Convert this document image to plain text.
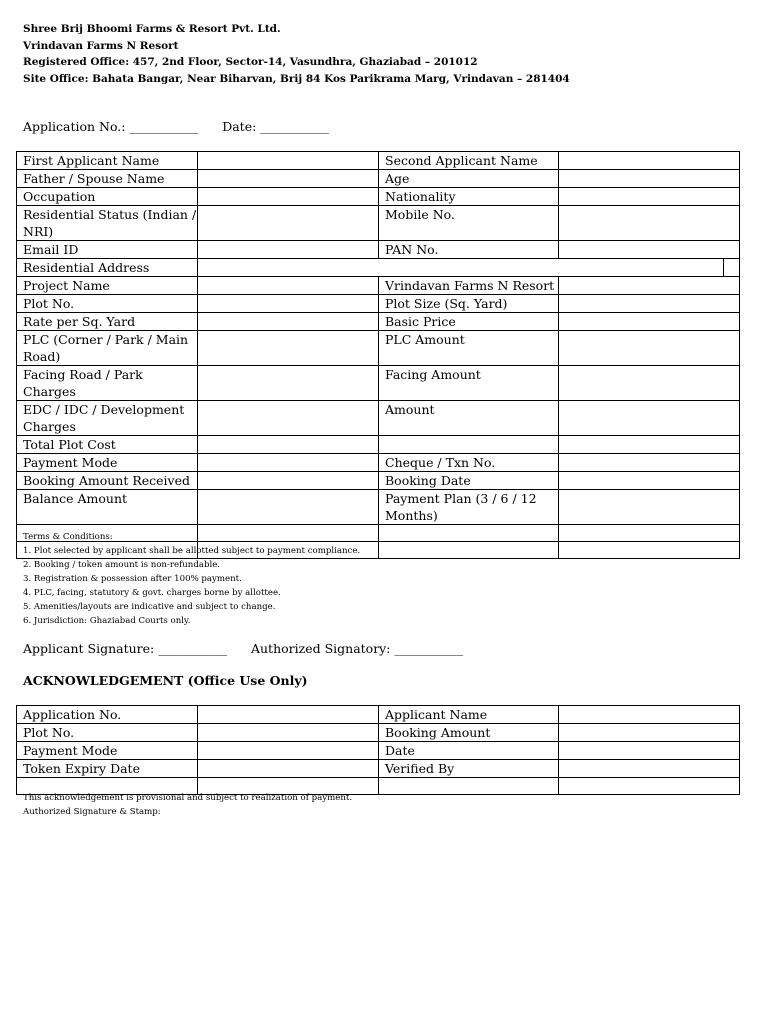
Shree Brij Bhoomi Farms & Resort Pvt. Ltd.
Vrindavan Farms N Resort
Registered Office: 457, 2nd Floor, Sector-14, Vasundhra, Ghaziabad – 201012
Site Office: Bahata Bangar, Near Biharvan, Brij 84 Kos Parikrama Marg, Vrindavan – 281404
Application No.: ___________ Date: ___________
First Applicant Name		Second Applicant Name	
Father / Spouse Name		Age	
Occupation		Nationality	
Residential Status (Indian / NRI)		Mobile No.	
Email ID		PAN No.	
Residential Address			

Project Name		Vrindavan Farms N Resort	
Plot No.		Plot Size (Sq. Yard)	
Rate per Sq. Yard		Basic Price	
PLC (Corner / Park / Main Road)		PLC Amount	
Facing Road / Park Charges		Facing Amount	
EDC / IDC / Development Charges		Amount	
Total Plot Cost			
Payment Mode		Cheque / Txn No.	
Booking Amount Received		Booking Date	
Balance Amount		Payment Plan (3 / 6 / 12 Months)	

Terms & Conditions:
1. Plot selected by applicant shall be allotted subject to payment compliance.
2. Booking / token amount is non-refundable.
3. Registration & possession after 100% payment.
4. PLC, facing, statutory & govt. charges borne by allottee.
5. Amenities/layouts are indicative and subject to change.
6. Jurisdiction: Ghaziabad Courts only.
Applicant Signature: ___________ Authorized Signatory: ___________
ACKNOWLEDGEMENT (Office Use Only)
Application No.		Applicant Name	
Plot No.		Booking Amount	
Payment Mode		Date	
Token Expiry Date		Verified By	

This acknowledgement is provisional and subject to realization of payment.
Authorized Signature & Stamp:
